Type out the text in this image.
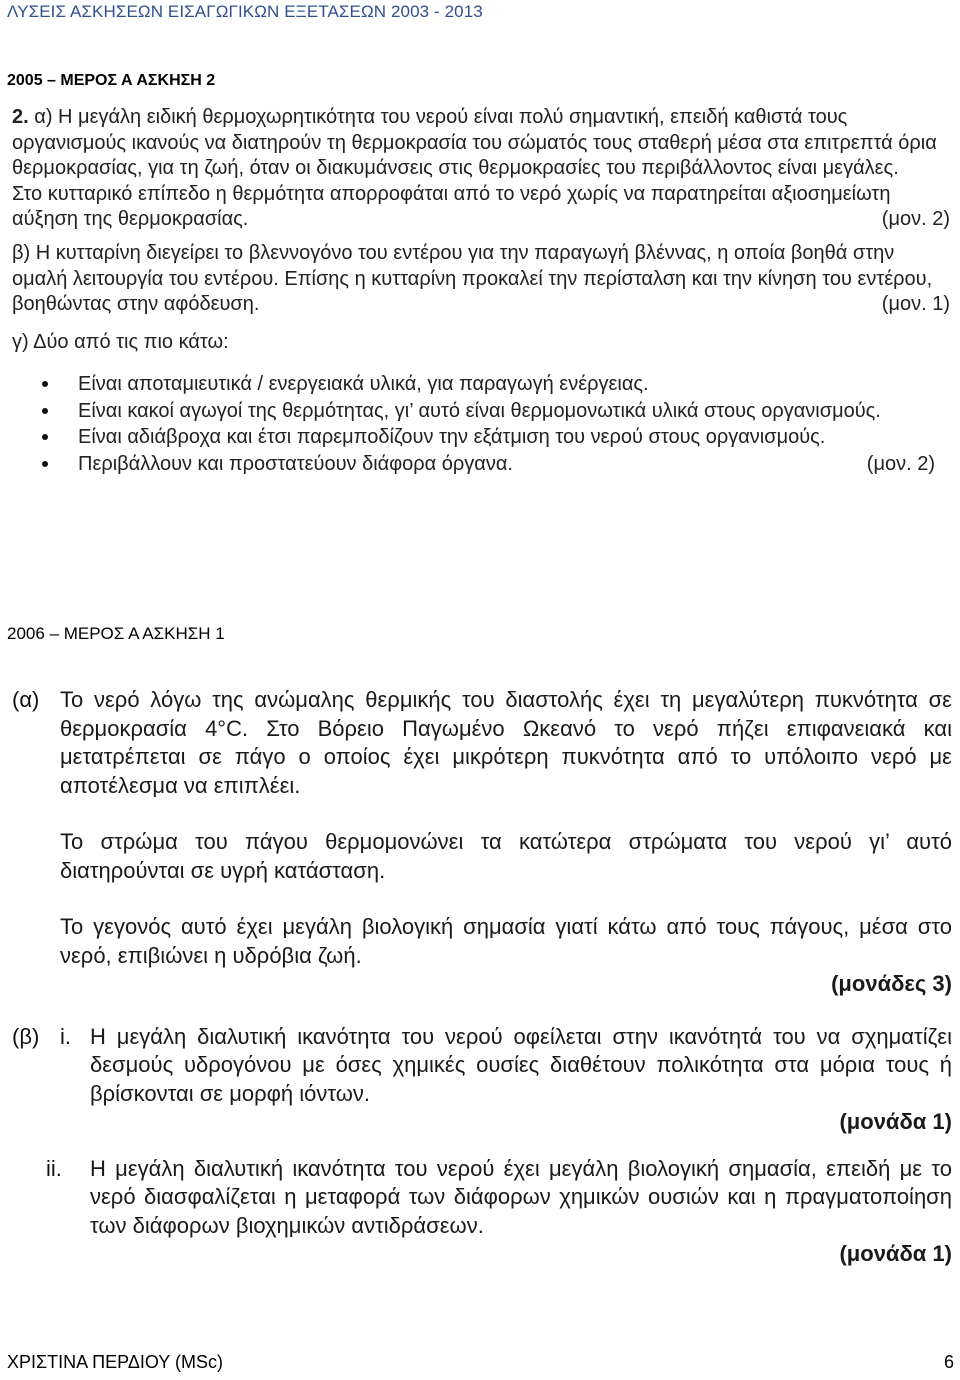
ΛΥΣΕΙΣ ΑΣΚΗΣΕΩΝ ΕΙΣΑΓΩΓΙΚΩΝ ΕΞΕΤΑΣΕΩΝ 2003 - 2013
2005 – ΜΕΡΟΣ Α ΑΣΚΗΣΗ 2

2. α) Η μεγάλη ειδική θερμοχωρητικότητα του νερού είναι πολύ σημαντική, επειδή καθιστά τους οργανισμούς ικανούς να διατηρούν τη θερμοκρασία του σώματός τους σταθερή μέσα στα επιτρεπτά όρια θερμοκρασίας, για τη ζωή, όταν οι διακυμάνσεις στις θερμοκρασίες του περιβάλλοντος είναι μεγάλες.
Στο κυτταρικό επίπεδο η θερμότητα απορροφάται από το νερό χωρίς να παρατηρείται αξιοσημείωτη αύξηση της θερμοκρασίας.	(μον. 2)

β) Η κυτταρίνη διεγείρει το βλεννογόνο του εντέρου για την παραγωγή βλέννας, η οποία βοηθά στην ομαλή λειτουργία του εντέρου. Επίσης η κυτταρίνη προκαλεί την περίσταλση και την κίνηση του εντέρου, βοηθώντας στην αφόδευση.	(μον. 1)

γ) Δύο από τις πιο κάτω:

Είναι αποταμιευτικά / ενεργειακά υλικά, για παραγωγή ενέργειας.
Είναι κακοί αγωγοί της θερμότητας, γι’ αυτό είναι θερμομονωτικά υλικά στους οργανισμούς.
Είναι αδιάβροχα και έτσι παρεμποδίζουν την εξάτμιση του νερού στους οργανισμούς.
Περιβάλλουν και προστατεύουν διάφορα όργανα.	(μον. 2)
2006 – ΜΕΡΟΣ Α ΑΣΚΗΣΗ 1
(α) Το νερό λόγω της ανώμαλης θερμικής του διαστολής έχει τη μεγαλύτερη πυκνότητα σε θερμοκρασία 4°C. Στο Βόρειο Παγωμένο Ωκεανό το νερό πήζει επιφανειακά και μετατρέπεται σε πάγο ο οποίος έχει μικρότερη πυκνότητα από το υπόλοιπο νερό με αποτέλεσμα να επιπλέει.

Το στρώμα του πάγου θερμομονώνει τα κατώτερα στρώματα του νερού γι’ αυτό διατηρούνται σε υγρή κατάσταση.

Το γεγονός αυτό έχει μεγάλη βιολογική σημασία γιατί κάτω από τους πάγους, μέσα στο νερό, επιβιώνει η υδρόβια ζωή.

(μονάδες 3)

(β) i. Η μεγάλη διαλυτική ικανότητα του νερού οφείλεται στην ικανότητά του να σχηματίζει δεσμούς υδρογόνου με όσες χημικές ουσίες διαθέτουν πολικότητα στα μόρια τους ή βρίσκονται σε μορφή ιόντων.

(μονάδα 1)

ii.	Η μεγάλη διαλυτική ικανότητα του νερού έχει μεγάλη βιολογική σημασία, επειδή με το νερό διασφαλίζεται η μεταφορά των διάφορων χημικών ουσιών και η πραγματοποίηση των διάφορων βιοχημικών αντιδράσεων.

(μονάδα 1)

ΧΡΙΣΤΙΝΑ ΠΕΡΔΙΟΥ (MSc)	6
